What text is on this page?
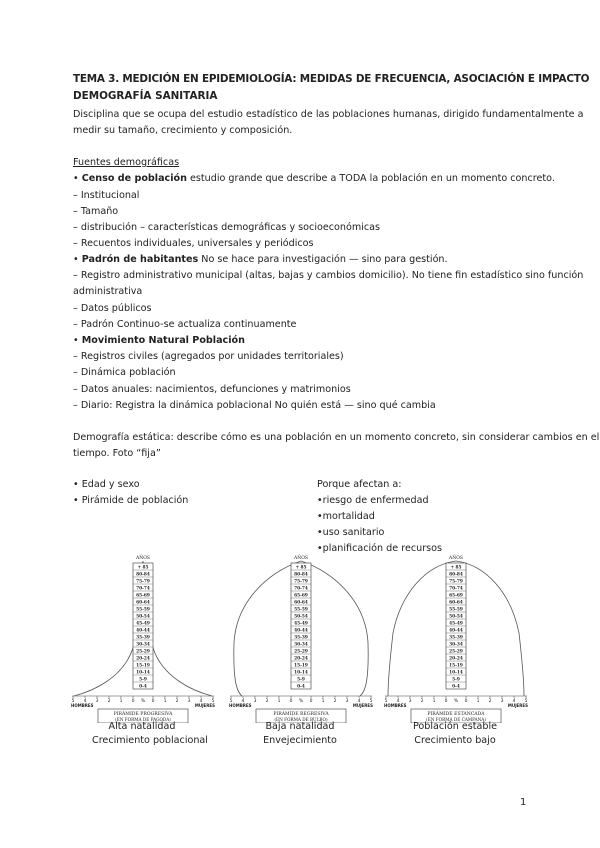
TEMA 3. MEDICIÓN EN EPIDEMIOLOGÍA: MEDIDAS DE FRECUENCIA, ASOCIACIÓN E IMPACTO
DEMOGRAFÍA SANITARIA
Disciplina que se ocupa del estudio estadístico de las poblaciones humanas, dirigido fundamentalmente a
medir su tamaño, crecimiento y composición.
Fuentes demográficas
• Censo de población estudio grande que describe a TODA la población en un momento concreto.
– Institucional
– Tamaño
– distribución – características demográficas y socioeconómicas
– Recuentos individuales, universales y periódicos
• Padrón de habitantes No se hace para investigación — sino para gestión.
– Registro administrativo municipal (altas, bajas y cambios domicilio). No tiene fin estadístico sino función
administrativa
– Datos públicos
– Padrón Continuo-se actualiza continuamente
• Movimiento Natural Población
– Registros civiles (agregados por unidades territoriales)
– Dinámica población
– Datos anuales: nacimientos, defunciones y matrimonios
– Diario: Registra la dinámica poblacional No quién está — sino qué cambia
Demografía estática: describe cómo es una población en un momento concreto, sin considerar cambios en el
tiempo. Foto “fija”
• Edad y sexo
• Pirámide de población
Porque afectan a:
•riesgo de enfermedad
•mortalidad
•uso sanitario
•planificación de recursos
AÑOS
+ 85
80-84
75-79
70-74
65-69
60-64
55-59
50-54
45-49
40-44
35-39
30-34
25-29
20-24
15-19
10-14
5-9
0-4
5 4 3 2 1 0	0 1 2 3 4 5
%
HOMBRES	MUJERES
PIRÁMIDE PROGRESIVA
(EN FORMA DE PAGODA)
AÑOS
+ 85
80-84
75-79
70-74
65-69
60-64
55-59
50-54
45-49
40-44
35-39
30-34
25-29
20-24
15-19
10-14
5-9
0-4
5 4 3 2 1 0	0 1 2 3 4 5
%
HOMBRES	MUJERES
PIRÁMIDE REGRESIVA
(EN FORMA DE BULBO)
AÑOS
+ 85
80-84
75-79
70-74
65-69
60-64
55-59
50-54
45-49
40-44
35-39
30-34
25-29
20-24
15-19
10-14
5-9
0-4
5 4 3 2 1 0	0 1 2 3 4 5
%
HOMBRES	MUJERES
PIRÁMIDE ESTANCADA
(EN FORMA DE CAMPANA)
Alta natalidad
Crecimiento poblacional
Baja natalidad
Envejecimiento
Población estable
Crecimiento bajo
1
